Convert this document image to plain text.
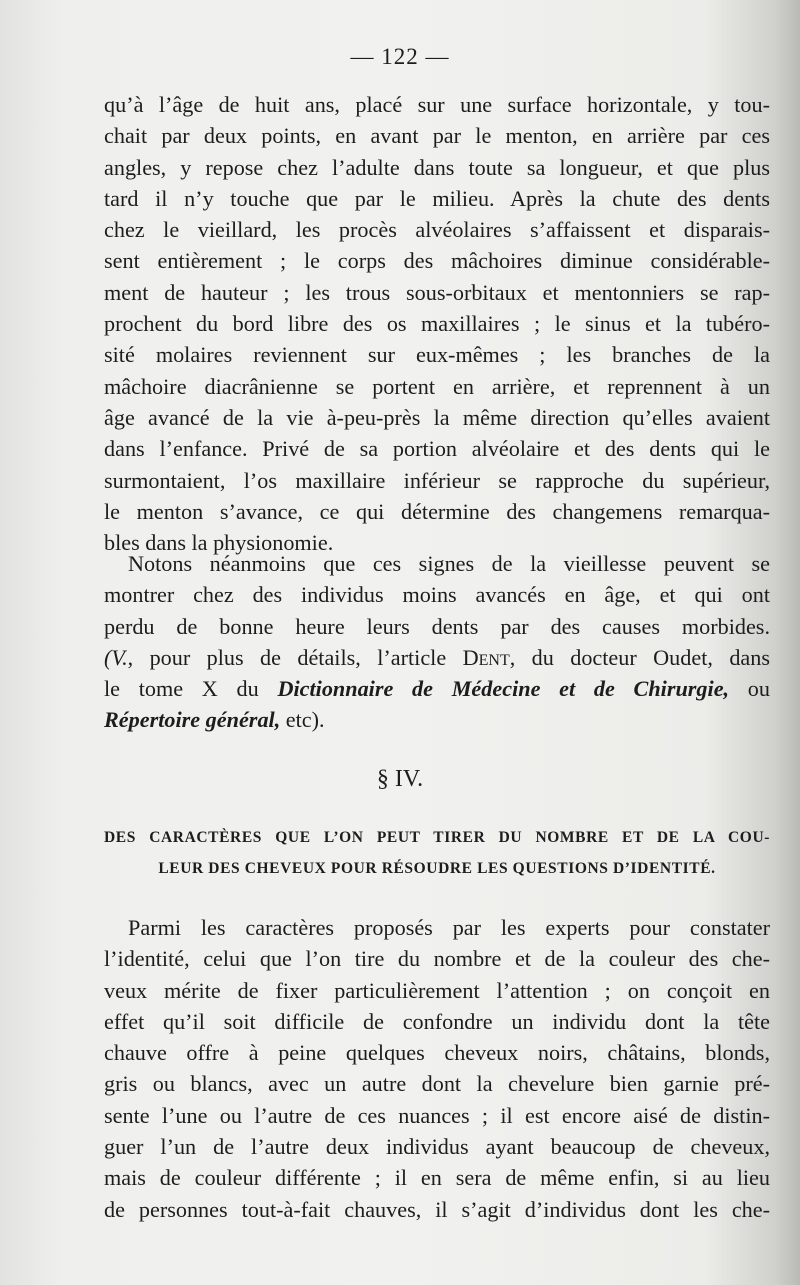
— 122 —
qu’à l’âge de huit ans, placé sur une surface horizontale, y tou-
chait par deux points, en avant par le menton, en arrière par ces
angles, y repose chez l’adulte dans toute sa longueur, et que plus
tard il n’y touche que par le milieu. Après la chute des dents
chez le vieillard, les procès alvéolaires s’affaissent et disparais-
sent entièrement ; le corps des mâchoires diminue considérable-
ment de hauteur ; les trous sous-orbitaux et mentonniers se rap-
prochent du bord libre des os maxillaires ; le sinus et la tubéro-
sité molaires reviennent sur eux-mêmes ; les branches de la
mâchoire diacrânienne se portent en arrière, et reprennent à un
âge avancé de la vie à-peu-près la même direction qu’elles avaient
dans l’enfance. Privé de sa portion alvéolaire et des dents qui le
surmontaient, l’os maxillaire inférieur se rapproche du supérieur,
le menton s’avance, ce qui détermine des changemens remarqua-
bles dans la physionomie.
Notons néanmoins que ces signes de la vieillesse peuvent se
montrer chez des individus moins avancés en âge, et qui ont
perdu de bonne heure leurs dents par des causes morbides.
(V., pour plus de détails, l’article Dent, du docteur Oudet, dans
le tome X du Dictionnaire de Médecine et de Chirurgie, ou
Répertoire général, etc).
§ IV.
DES CARACTÈRES QUE L’ON PEUT TIRER DU NOMBRE ET DE LA COU-
LEUR DES CHEVEUX POUR RÉSOUDRE LES QUESTIONS D’IDENTITÉ.
Parmi les caractères proposés par les experts pour constater
l’identité, celui que l’on tire du nombre et de la couleur des che-
veux mérite de fixer particulièrement l’attention ; on conçoit en
effet qu’il soit difficile de confondre un individu dont la tête
chauve offre à peine quelques cheveux noirs, châtains, blonds,
gris ou blancs, avec un autre dont la chevelure bien garnie pré-
sente l’une ou l’autre de ces nuances ; il est encore aisé de distin-
guer l’un de l’autre deux individus ayant beaucoup de cheveux,
mais de couleur différente ; il en sera de même enfin, si au lieu
de personnes tout-à-fait chauves, il s’agit d’individus dont les che-
